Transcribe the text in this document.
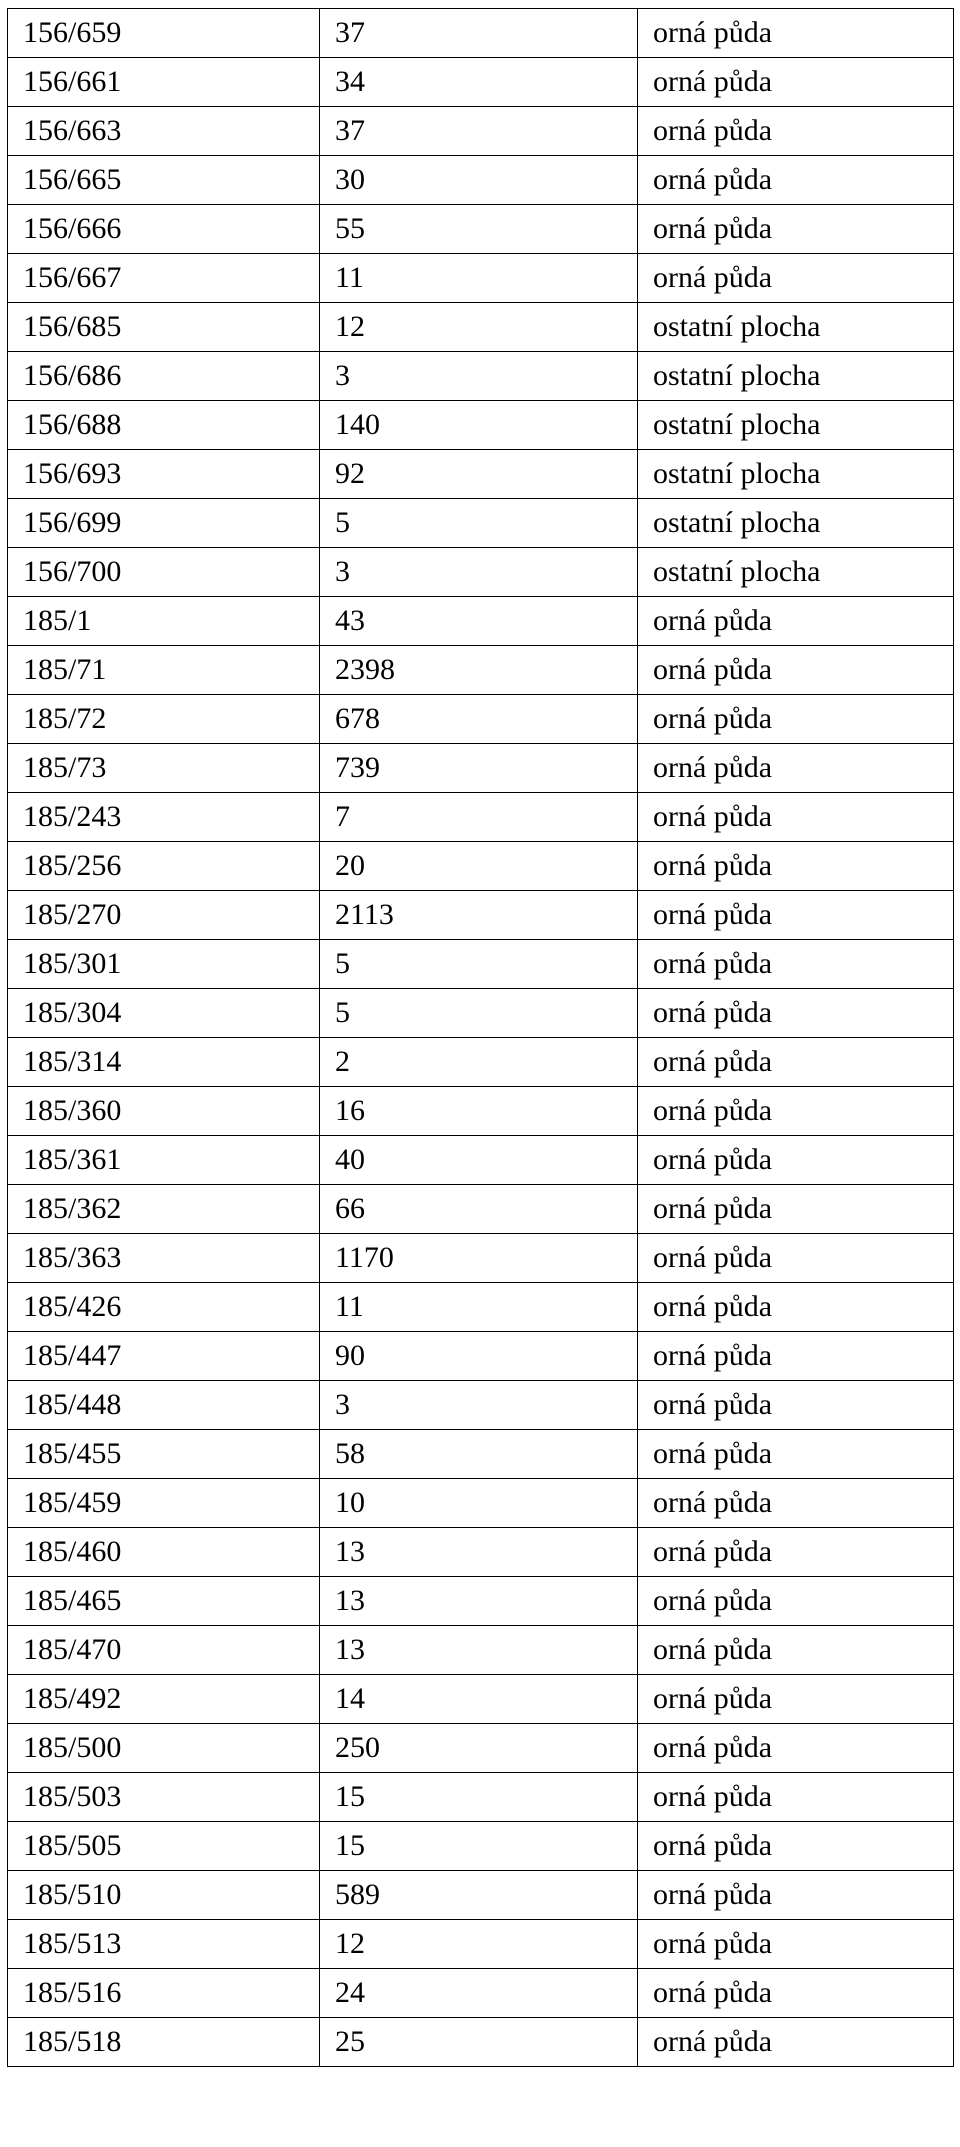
156/659	37	orná půda
156/661	34	orná půda
156/663	37	orná půda
156/665	30	orná půda
156/666	55	orná půda
156/667	11	orná půda
156/685	12	ostatní plocha
156/686	3	ostatní plocha
156/688	140	ostatní plocha
156/693	92	ostatní plocha
156/699	5	ostatní plocha
156/700	3	ostatní plocha
185/1	43	orná půda
185/71	2398	orná půda
185/72	678	orná půda
185/73	739	orná půda
185/243	7	orná půda
185/256	20	orná půda
185/270	2113	orná půda
185/301	5	orná půda
185/304	5	orná půda
185/314	2	orná půda
185/360	16	orná půda
185/361	40	orná půda
185/362	66	orná půda
185/363	1170	orná půda
185/426	11	orná půda
185/447	90	orná půda
185/448	3	orná půda
185/455	58	orná půda
185/459	10	orná půda
185/460	13	orná půda
185/465	13	orná půda
185/470	13	orná půda
185/492	14	orná půda
185/500	250	orná půda
185/503	15	orná půda
185/505	15	orná půda
185/510	589	orná půda
185/513	12	orná půda
185/516	24	orná půda
185/518	25	orná půda
